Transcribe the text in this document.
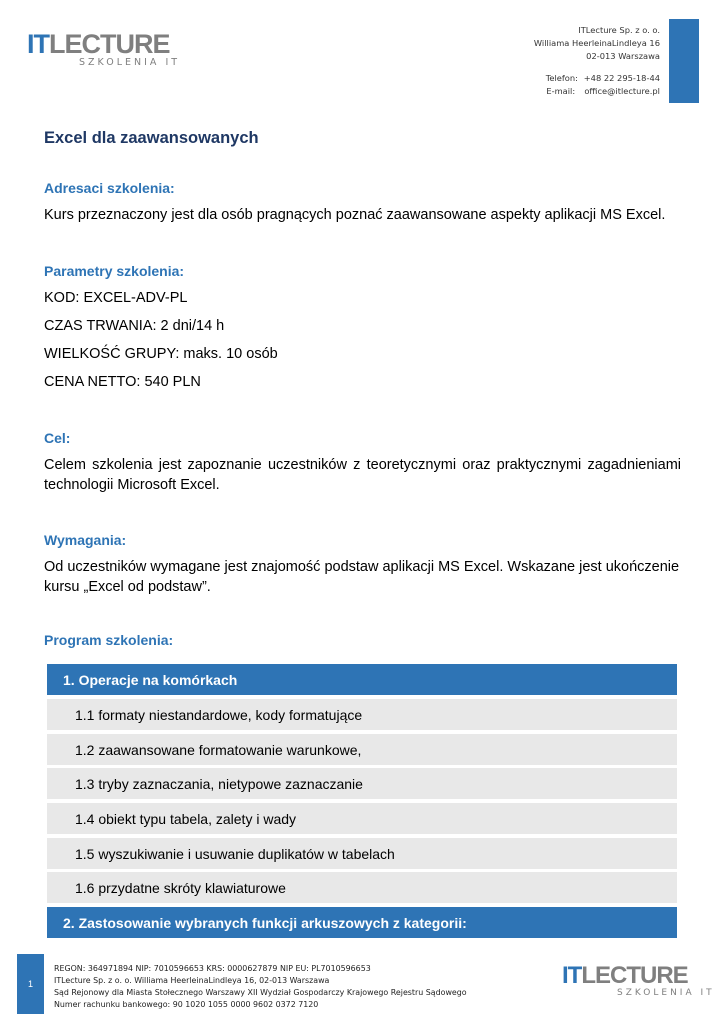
ITLECTURE
SZKOLENIA IT
ITLecture Sp. z o. o.
Williama HeerleinaLindleya 16
02-013 Warszawa
Telefon: +48 22 295-18-44
E-mail: office@itlecture.pl
Excel dla zaawansowanych
Adresaci szkolenia:
Kurs przeznaczony jest dla osób pragnących poznać zaawansowane aspekty aplikacji MS Excel.
Parametry szkolenia:
KOD: EXCEL-ADV-PL
CZAS TRWANIA: 2 dni/14 h
WIELKOŚĆ GRUPY: maks. 10 osób
CENA NETTO: 540 PLN
Cel:
Celem szkolenia jest zapoznanie uczestników z teoretycznymi oraz praktycznymi zagadnieniami technologii Microsoft Excel.
Wymagania:
Od uczestników wymagane jest znajomość podstaw aplikacji MS Excel. Wskazane jest ukończenie kursu „Excel od podstaw”.
Program szkolenia:
1. Operacje na komórkach
1.1 formaty niestandardowe, kody formatujące
1.2 zaawansowane formatowanie warunkowe,
1.3 tryby zaznaczania, nietypowe zaznaczanie
1.4 obiekt typu tabela, zalety i wady
1.5 wyszukiwanie i usuwanie duplikatów w tabelach
1.6 przydatne skróty klawiaturowe
2. Zastosowanie wybranych funkcji arkuszowych z kategorii:
1
REGON: 364971894 NIP: 7010596653 KRS: 0000627879 NIP EU: PL7010596653
ITLecture Sp. z o. o. Williama HeerleinaLindleya 16, 02-013 Warszawa
Sąd Rejonowy dla Miasta Stołecznego Warszawy XII Wydział Gospodarczy Krajowego Rejestru Sądowego
Numer rachunku bankowego: 90 1020 1055 0000 9602 0372 7120
ITLECTURE
SZKOLENIA IT
